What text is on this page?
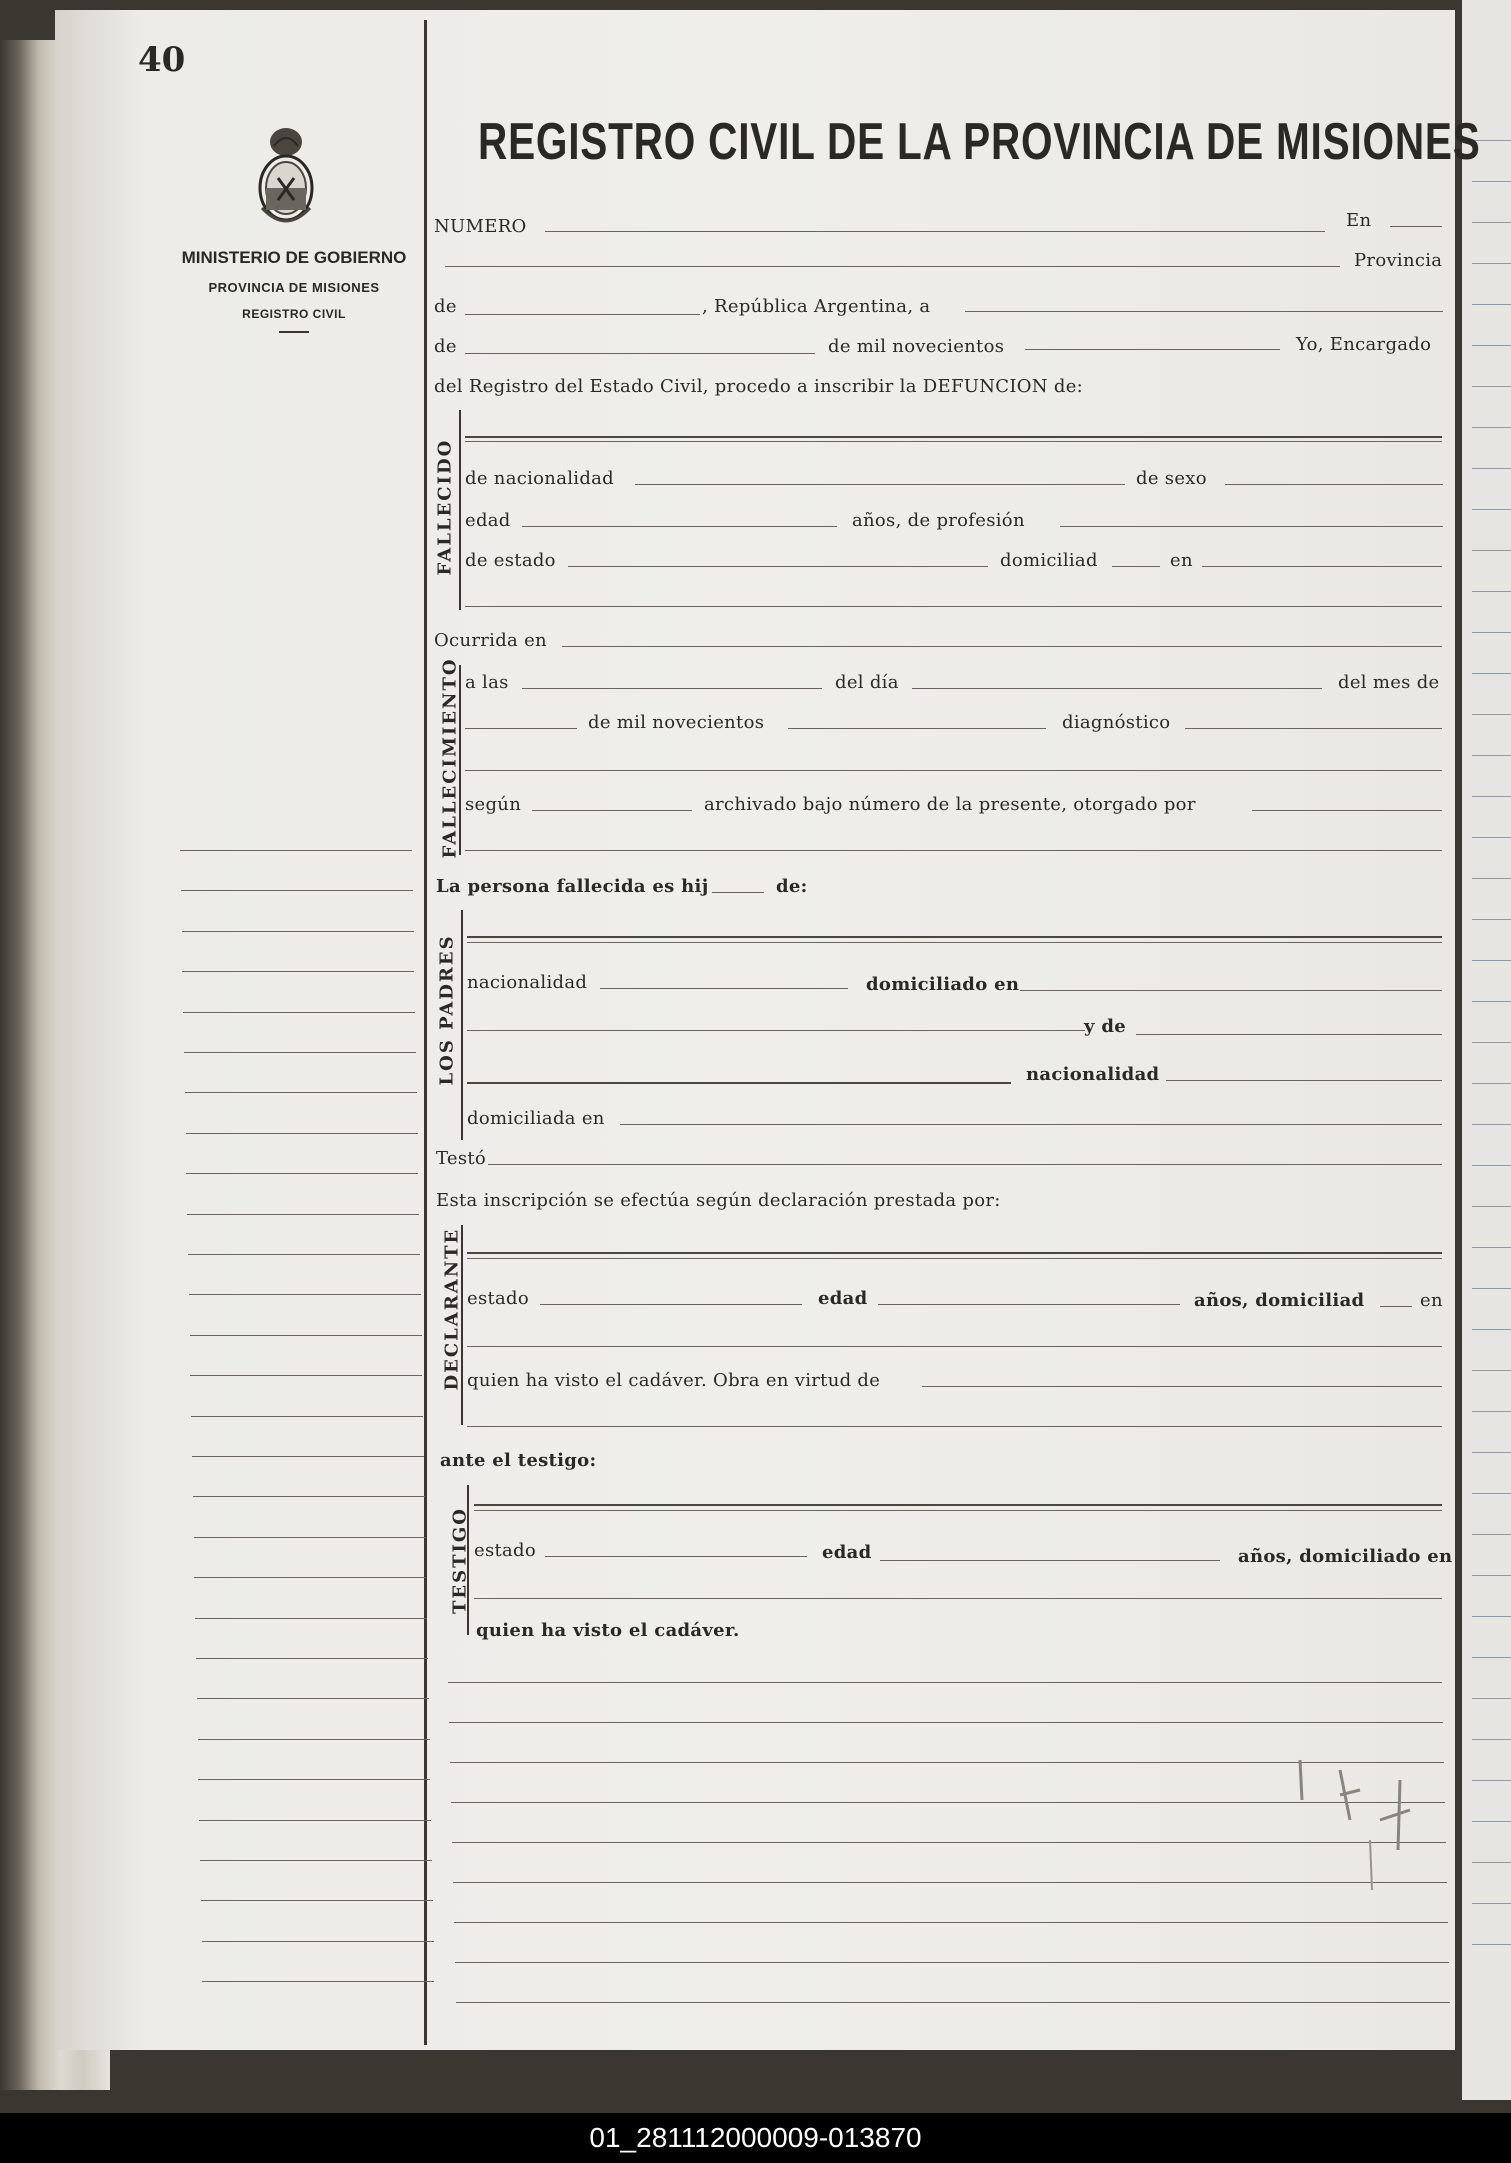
40
MINISTERIO DE GOBIERNO
PROVINCIA DE MISIONES
REGISTRO CIVIL
REGISTRO CIVIL DE LA PROVINCIA DE MISIONES
NUMERO	En
Provincia
de	, República Argentina, a
de	de mil novecientos	Yo, Encargado
del Registro del Estado Civil, procedo a inscribir la DEFUNCION de:
FALLECIDO de nacionalidad	de sexo
edad	años, de profesión
de estado	domiciliad	en
Ocurrida en
FALLECIMIENTO a las	del día	del mes de
de mil novecientos	diagnóstico
según	archivado bajo número de la presente, otorgado por
La persona fallecida es hij	de:
LOS PADRES nacionalidad	domiciliado en
y de
nacionalidad
domiciliada en
Testó
Esta inscripción se efectúa según declaración prestada por:
DECLARANTE estado	edad	años, domiciliad	en
quien ha visto el cadáver. Obra en virtud de
ante el testigo:
TESTIGO estado	edad	años, domiciliado en
quien ha visto el cadáver.
01_281112000009-013870
